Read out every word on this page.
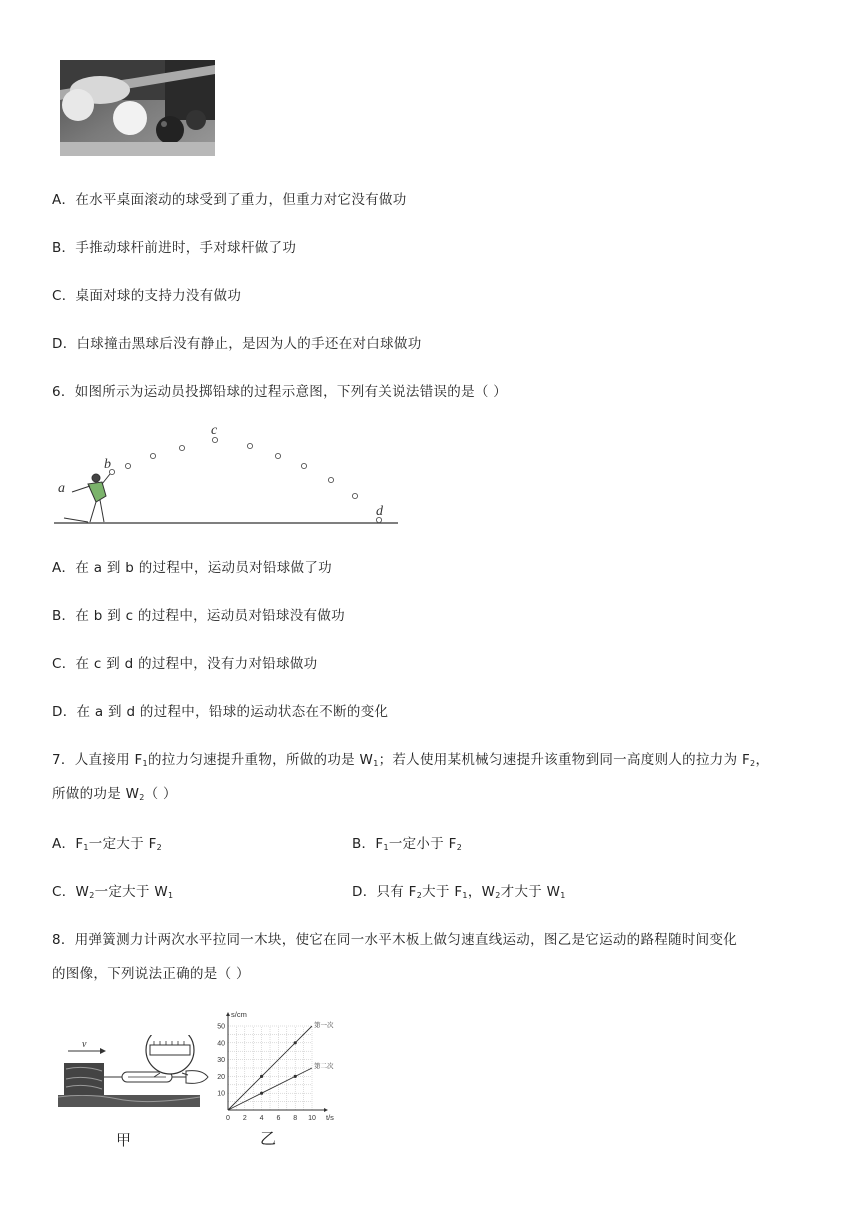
A．在水平桌面滚动的球受到了重力，但重力对它没有做功
B．手推动球杆前进时，手对球杆做了功
C．桌面对球的支持力没有做功
D．白球撞击黑球后没有静止，是因为人的手还在对白球做功
6．如图所示为运动员投掷铅球的过程示意图，下列有关说法错误的是（ ）
a
b
c
d
A．在 a 到 b 的过程中，运动员对铅球做了功
B．在 b 到 c 的过程中，运动员对铅球没有做功
C．在 c 到 d 的过程中，没有力对铅球做功
D．在 a 到 d 的过程中，铅球的运动状态在不断的变化
7．人直接用 $F_1$的拉力匀速提升重物，所做的功是 $W_1$；若人使用某机械匀速提升该重物到同一高度则人的拉力为 $F_2$，
所做的功是 $W_2$（ ）
A．$F_1$一定大于 $F_2$	B．$F_1$一定小于 $F_2$
C．$W_2$一定大于 $W_1$	D．只有 $F_2$大于 $F_1$，$W_2$才大于 $W_1$
8．用弹簧测力计两次水平拉同一木块，使它在同一水平木板上做匀速直线运动，图乙是它运动的路程随时间变化
的图像，下列说法正确的是（ ）
v
甲
0 2 4 6 8 10
10
20
30
40
50
s/cm
t/s
第一次
第二次
乙
